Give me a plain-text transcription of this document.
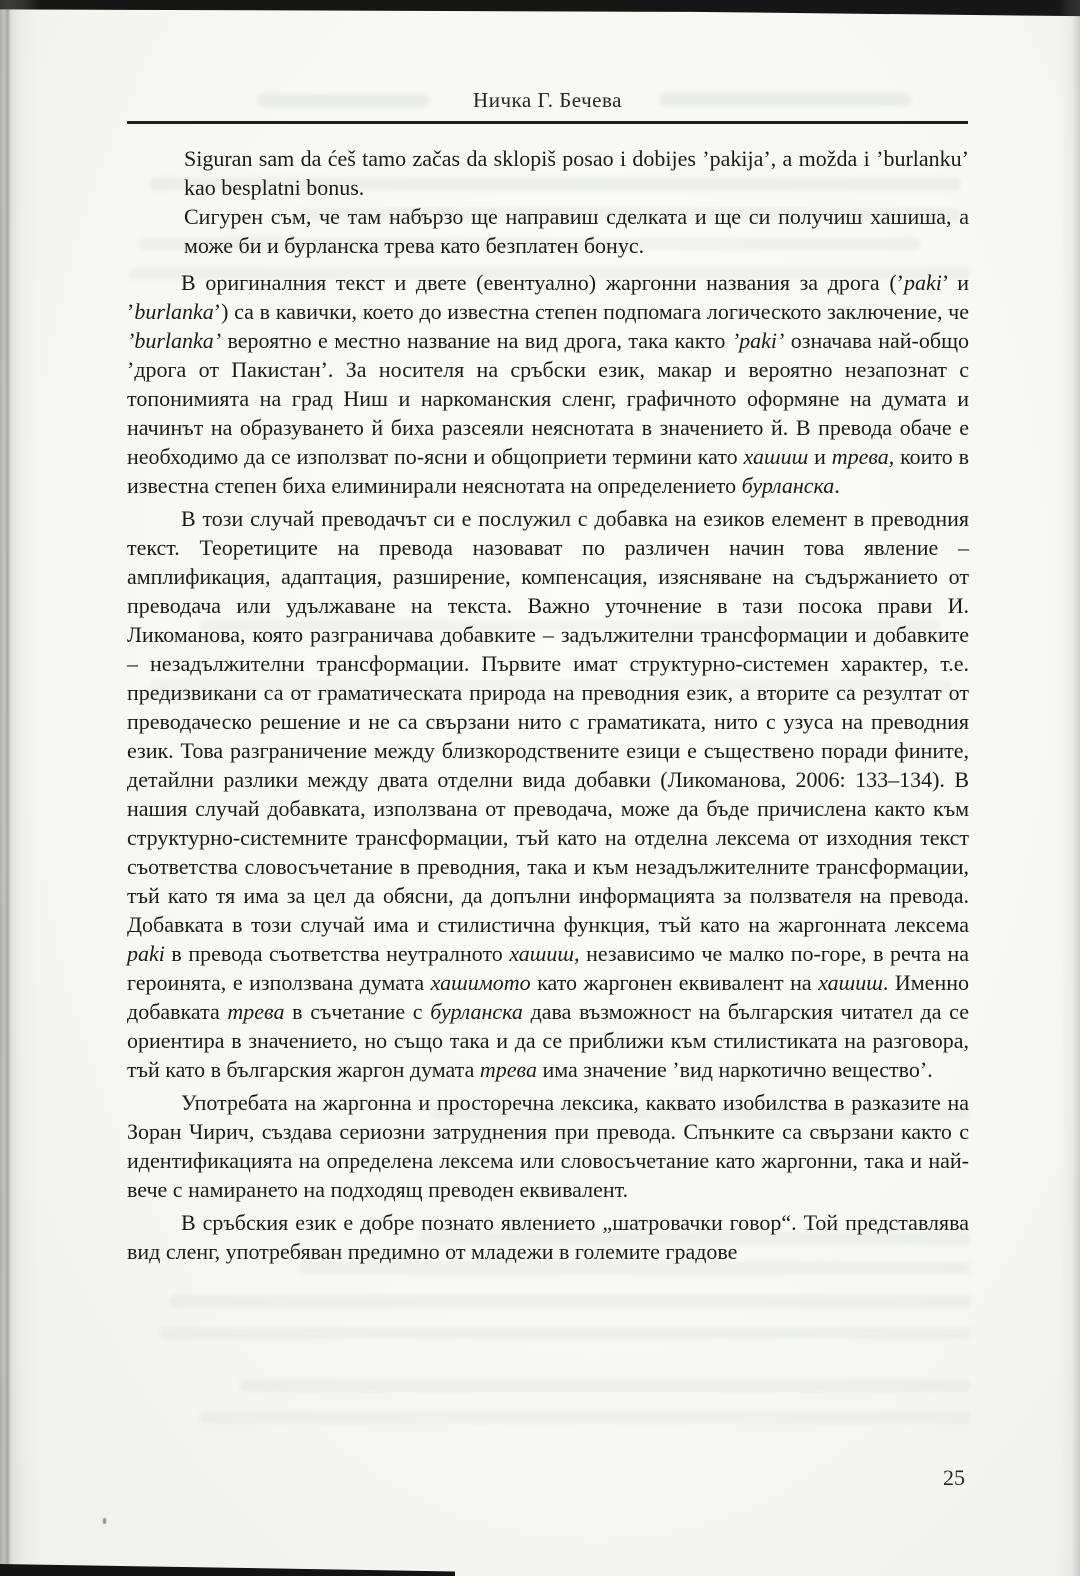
Ничка Г. Бечева

Siguran sam da ćeš tamo začas da sklopiš posao i dobijes ’pakija’, a možda i ’burlanku’ kao besplatni bonus.

Сигурен съм, че там набързо ще направиш сделката и ще си получиш хашиша, а може би и бурланска трева като безплатен бонус.

В оригиналния текст и двете (евентуално) жаргонни названия за дрога (’paki’ и ’burlanka’) са в кавички, което до известна степен подпомага логическото заключение, че ’burlanka’ вероятно е местно название на вид дрога, така както ’paki’ означава най-общо ’дрога от Пакистан’. За носителя на сръбски език, макар и вероятно незапознат с топонимията на град Ниш и наркоманския сленг, графичното оформяне на думата и начинът на образуването й биха разсеяли неяснотата в значението й. В превода обаче е необходимо да се използват по-ясни и общоприети термини като хашиш и трева, които в известна степен биха елиминирали неяснотата на определението бурланска.

В този случай преводачът си е послужил с добавка на езиков елемент в преводния текст. Теоретиците на превода назовават по различен начин това явление – амплификация, адаптация, разширение, компенсация, изясняване на съдържанието от преводача или удължаване на текста. Важно уточнение в тази посока прави И. Ликоманова, която разграничава добавките – задължителни трансформации и добавките – незадължителни трансформации. Първите имат структурно-системен характер, т.е. предизвикани са от граматическата природа на преводния език, а вторите са резултат от преводаческо решение и не са свързани нито с граматиката, нито с узуса на преводния език. Това разграничение между близкородствените езици е съществено поради фините, детайлни разлики между двата отделни вида добавки (Ликоманова, 2006: 133–134). В нашия случай добавката, използвана от преводача, може да бъде причислена както към структурно-системните трансформации, тъй като на отделна лексема от изходния текст съответства словосъчетание в преводния, така и към незадължителните трансформации, тъй като тя има за цел да обясни, да допълни информацията за ползвателя на превода. Добавката в този случай има и стилистична функция, тъй като на жаргонната лексема paki в превода съответства неутралното хашиш, независимо че малко по-горе, в речта на героинята, е използвана думата хашимото като жаргонен еквивалент на хашиш. Именно добавката трева в съчетание с бурланска дава възможност на българския читател да се ориентира в значението, но също така и да се приближи към стилистиката на разговора, тъй като в българския жаргон думата трева има значение ’вид наркотично вещество’.

Употребата на жаргонна и просторечна лексика, каквато изобилства в разказите на Зоран Чирич, създава сериозни затруднения при превода. Спънките са свързани както с идентификацията на определена лексема или словосъчетание като жаргонни, така и най-вече с намирането на подходящ преводен еквивалент.

В сръбския език е добре познато явлението „шатровачки говор“. Той представлява вид сленг, употребяван предимно от младежи в големите градове

25
